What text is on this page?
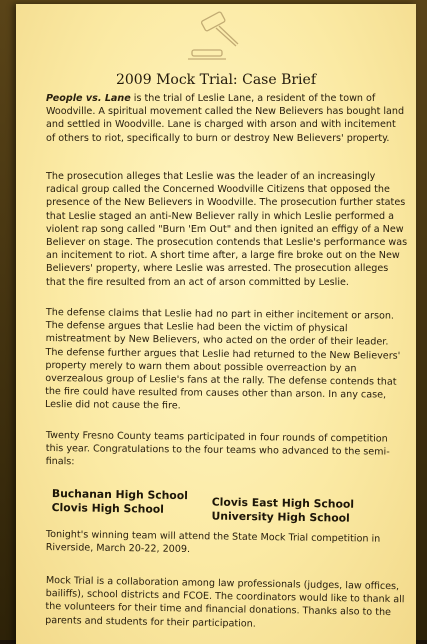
2009 Mock Trial: Case Brief
People vs. Lane is the trial of Leslie Lane, a resident of the town of Woodville. A spiritual movement called the New Believers has bought land and settled in Woodville. Lane is charged with arson and with incitement of others to riot, specifically to burn or destroy New Believers' property.
The prosecution alleges that Leslie was the leader of an increasingly radical group called the Concerned Woodville Citizens that opposed the presence of the New Believers in Woodville. The prosecution further states that Leslie staged an anti-New Believer rally in which Leslie performed a violent rap song called "Burn 'Em Out" and then ignited an effigy of a New Believer on stage. The prosecution contends that Leslie's performance was an incitement to riot. A short time after, a large fire broke out on the New Believers' property, where Leslie was arrested. The prosecution alleges that the fire resulted from an act of arson committed by Leslie.
The defense claims that Leslie had no part in either incitement or arson. The defense argues that Leslie had been the victim of physical mistreatment by New Believers, who acted on the order of their leader. The defense further argues that Leslie had returned to the New Believers' property merely to warn them about possible overreaction by an overzealous group of Leslie's fans at the rally. The defense contends that the fire could have resulted from causes other than arson. In any case, Leslie did not cause the fire.
Twenty Fresno County teams participated in four rounds of competition this year. Congratulations to the four teams who advanced to the semi-finals:
Buchanan High School
Clovis High School	Clovis East High School
University High School
Tonight's winning team will attend the State Mock Trial competition in Riverside, March 20-22, 2009.
Mock Trial is a collaboration among law professionals (judges, law offices, bailiffs), school districts and FCOE. The coordinators would like to thank all the volunteers for their time and financial donations. Thanks also to the parents and students for their participation.
